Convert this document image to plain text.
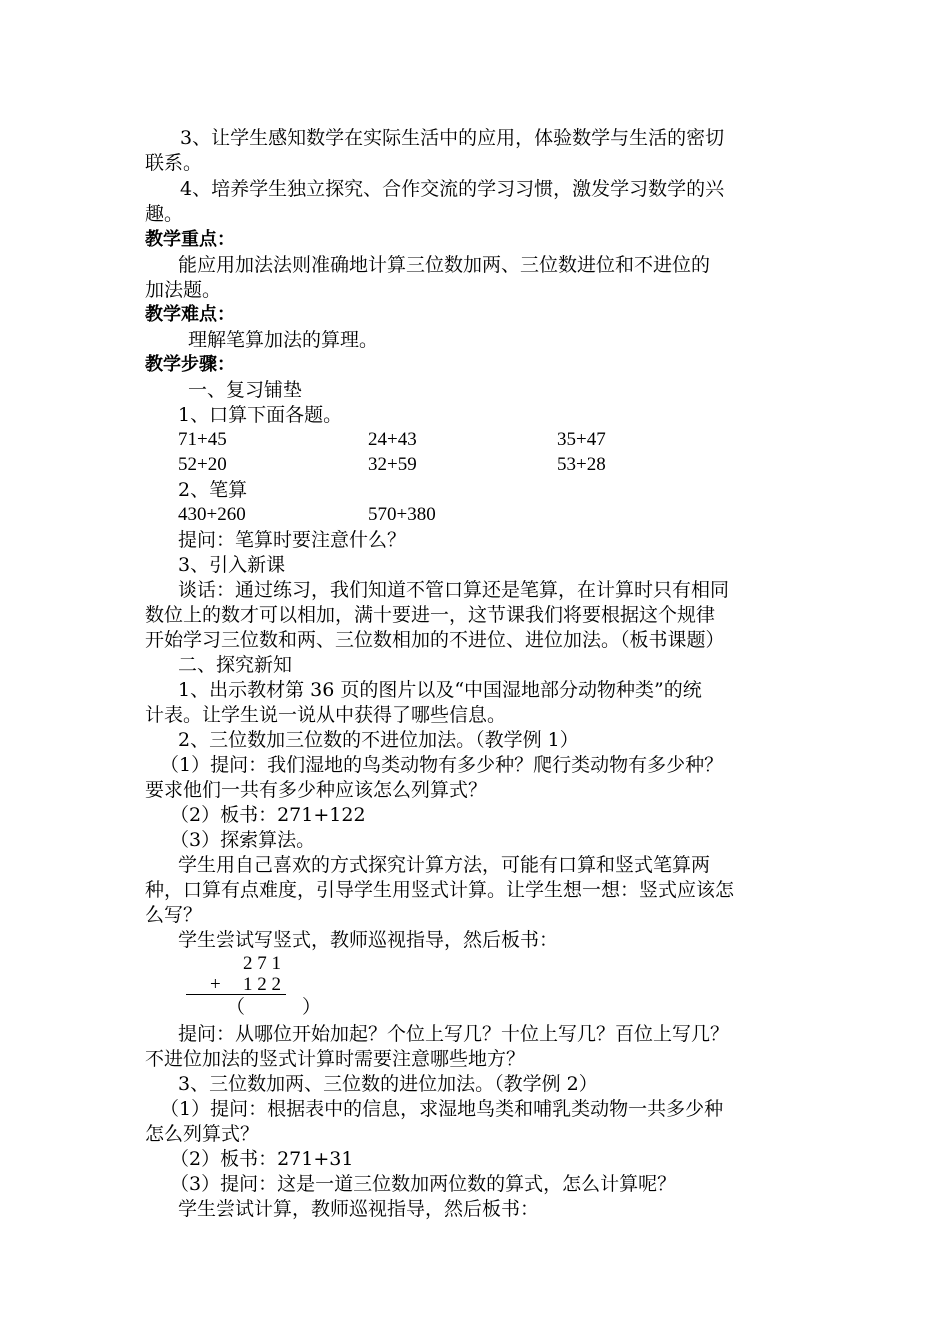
3、让学生感知数学在实际生活中的应用，体验数学与生活的密切
联系。
4、培养学生独立探究、合作交流的学习习惯，激发学习数学的兴
趣。
教学重点：
能应用加法法则准确地计算三位数加两、三位数进位和不进位的
加法题。
教学难点：
理解笔算加法的算理。
教学步骤：
一、复习铺垫
1、口算下面各题。
71+45	24+43	35+47
52+20	32+59	53+28
2、笔算
430+260	570+380
提问：笔算时要注意什么？
3、引入新课
谈话：通过练习，我们知道不管口算还是笔算，在计算时只有相同
数位上的数才可以相加，满十要进一，这节课我们将要根据这个规律
开始学习三位数和两、三位数相加的不进位、进位加法。（板书课题）
二、探究新知
1、出示教材第 36 页的图片以及“中国湿地部分动物种类”的统
计表。让学生说一说从中获得了哪些信息。
2、三位数加三位数的不进位加法。（教学例 1）
（1）提问：我们湿地的鸟类动物有多少种？爬行类动物有多少种？
要求他们一共有多少种应该怎么列算式？
（2）板书：271+122
（3）探索算法。
学生用自己喜欢的方式探究计算方法，可能有口算和竖式笔算两
种，口算有点难度，引导学生用竖式计算。让学生想一想：竖式应该怎
么写？
学生尝试写竖式，教师巡视指导，然后板书：
2 7 1
+ 1 2 2
（　　　）
提问：从哪位开始加起？个位上写几？十位上写几？百位上写几？
不进位加法的竖式计算时需要注意哪些地方？
3、三位数加两、三位数的进位加法。（教学例 2）
（1）提问：根据表中的信息，求湿地鸟类和哺乳类动物一共多少种
怎么列算式？
（2）板书：271+31
（3）提问：这是一道三位数加两位数的算式，怎么计算呢？
学生尝试计算，教师巡视指导，然后板书：
